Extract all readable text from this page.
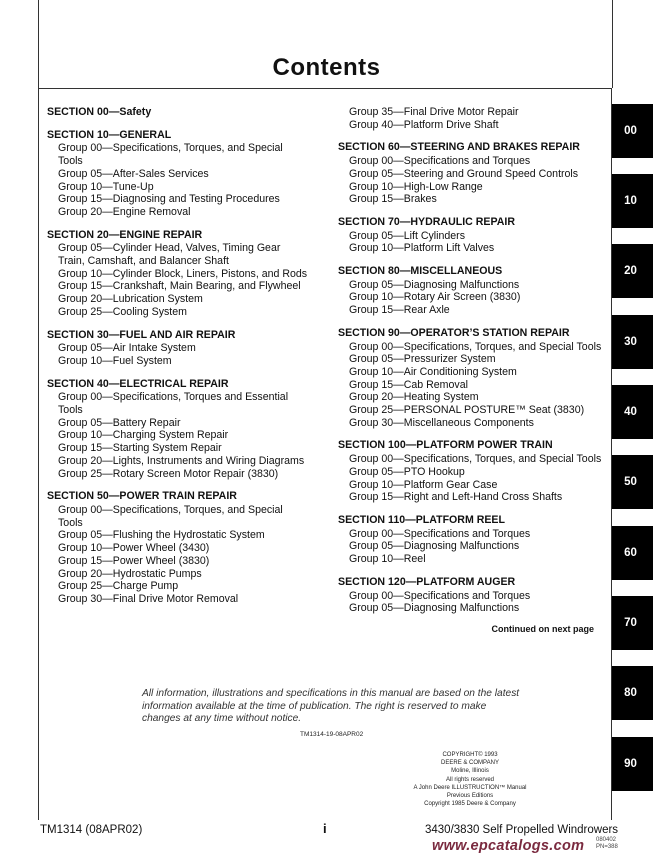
Contents
SECTION 00—Safety
SECTION 10—GENERAL
Group 00—Specifications, Torques, and Special Tools
Group 05—After-Sales Services
Group 10—Tune-Up
Group 15—Diagnosing and Testing Procedures
Group 20—Engine Removal
SECTION 20—ENGINE REPAIR
Group 05—Cylinder Head, Valves, Timing Gear Train, Camshaft, and Balancer Shaft
Group 10—Cylinder Block, Liners, Pistons, and Rods
Group 15—Crankshaft, Main Bearing, and Flywheel
Group 20—Lubrication System
Group 25—Cooling System
SECTION 30—FUEL AND AIR REPAIR
Group 05—Air Intake System
Group 10—Fuel System
SECTION 40—ELECTRICAL REPAIR
Group 00—Specifications, Torques and Essential Tools
Group 05—Battery Repair
Group 10—Charging System Repair
Group 15—Starting System Repair
Group 20—Lights, Instruments and Wiring Diagrams
Group 25—Rotary Screen Motor Repair (3830)
SECTION 50—POWER TRAIN REPAIR
Group 00—Specifications, Torques, and Special Tools
Group 05—Flushing the Hydrostatic System
Group 10—Power Wheel (3430)
Group 15—Power Wheel (3830)
Group 20—Hydrostatic Pumps
Group 25—Charge Pump
Group 30—Final Drive Motor Removal
Group 35—Final Drive Motor Repair
Group 40—Platform Drive Shaft
SECTION 60—STEERING AND BRAKES REPAIR
Group 00—Specifications and Torques
Group 05—Steering and Ground Speed Controls
Group 10—High-Low Range
Group 15—Brakes
SECTION 70—HYDRAULIC REPAIR
Group 05—Lift Cylinders
Group 10—Platform Lift Valves
SECTION 80—MISCELLANEOUS
Group 05—Diagnosing Malfunctions
Group 10—Rotary Air Screen (3830)
Group 15—Rear Axle
SECTION 90—OPERATOR’S STATION REPAIR
Group 00—Specifications, Torques, and Special Tools
Group 05—Pressurizer System
Group 10—Air Conditioning System
Group 15—Cab Removal
Group 20—Heating System
Group 25—PERSONAL POSTURE™ Seat (3830)
Group 30—Miscellaneous Components
SECTION 100—PLATFORM POWER TRAIN
Group 00—Specifications, Torques, and Special Tools
Group 05—PTO Hookup
Group 10—Platform Gear Case
Group 15—Right and Left-Hand Cross Shafts
SECTION 110—PLATFORM REEL
Group 00—Specifications and Torques
Group 05—Diagnosing Malfunctions
Group 10—Reel
SECTION 120—PLATFORM AUGER
Group 00—Specifications and Torques
Group 05—Diagnosing Malfunctions
Continued on next page
All information, illustrations and specifications in this manual are based on the latest information available at the time of publication. The right is reserved to make changes at any time without notice.
TM1314-19-08APR02
COPYRIGHT© 1993
DEERE & COMPANY
Moline, Illinois
All rights reserved
A John Deere ILLUSTRUCTION™ Manual
Previous Editions
Copyright 1985 Deere & Company
TM1314 (08APR02)	i	3430/3830 Self Propelled Windrowers
080402
PN=388
www.epcatalogs.com
00
10
20
30
40
50
60
70
80
90
